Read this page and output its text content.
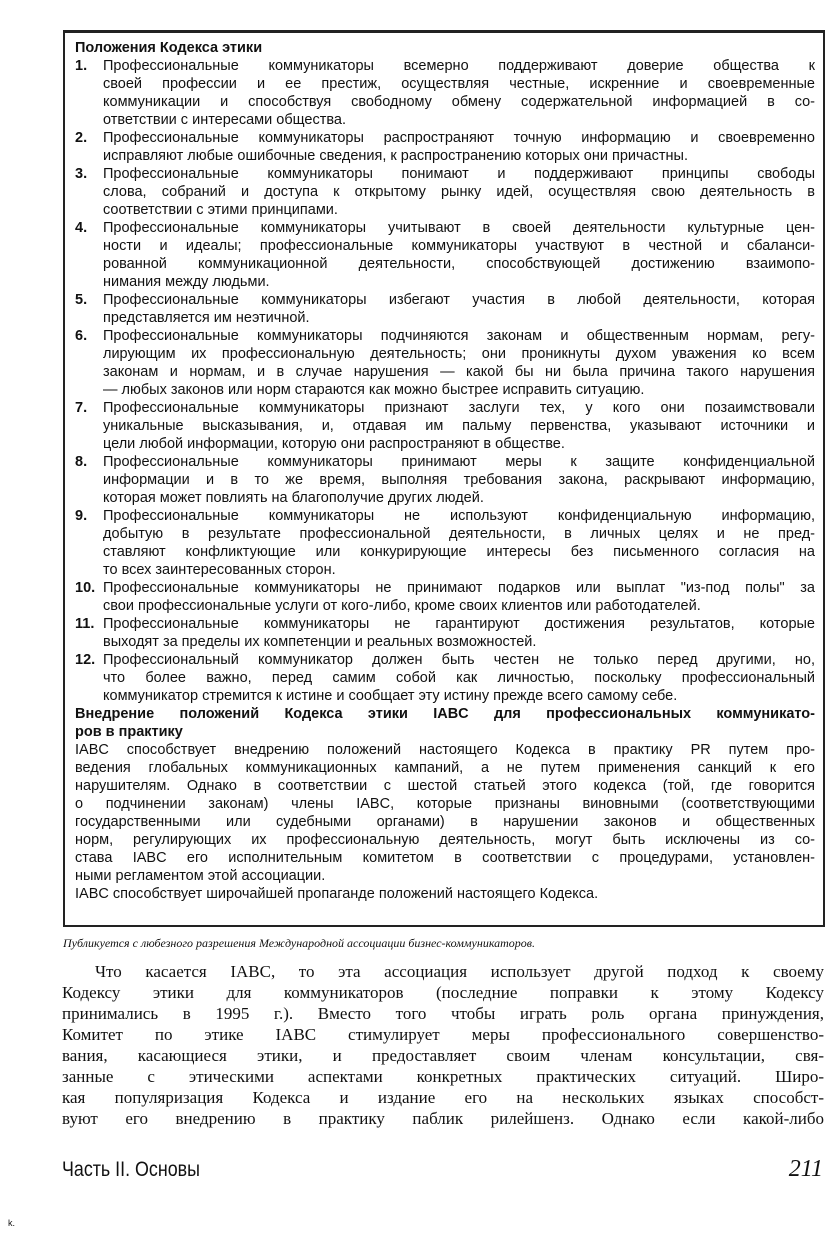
Положения Кодекса этики
1.	Профессиональные коммуникаторы всемерно поддерживают доверие общества к
своей профессии и ее престиж, осуществляя честные, искренние и своевременные
коммуникации и способствуя свободному обмену содержательной информацией в со-
ответствии с интересами общества.
2.	Профессиональные коммуникаторы распространяют точную информацию и своевременно
исправляют любые ошибочные сведения, к распространению которых они причастны.
3.	Профессиональные коммуникаторы понимают и поддерживают принципы свободы
слова, собраний и доступа к открытому рынку идей, осуществляя свою деятельность в
соответствии с этими принципами.
4.	Профессиональные коммуникаторы учитывают в своей деятельности культурные цен-
ности и идеалы; профессиональные коммуникаторы участвуют в честной и сбаланси-
рованной коммуникационной деятельности, способствующей достижению взаимопо-
нимания между людьми.
5.	Профессиональные коммуникаторы избегают участия в любой деятельности, которая
представляется им неэтичной.
6.	Профессиональные коммуникаторы подчиняются законам и общественным нормам, регу-
лирующим их профессиональную деятельность; они проникнуты духом уважения ко всем
законам и нормам, и в случае нарушения — какой бы ни была причина такого нарушения
— любых законов или норм стараются как можно быстрее исправить ситуацию.
7.	Профессиональные коммуникаторы признают заслуги тех, у кого они позаимствовали
уникальные высказывания, и, отдавая им пальму первенства, указывают источники и
цели любой информации, которую они распространяют в обществе.
8.	Профессиональные коммуникаторы принимают меры к защите конфиденциальной
информации и в то же время, выполняя требования закона, раскрывают информацию,
которая может повлиять на благополучие других людей.
9.	Профессиональные коммуникаторы не используют конфиденциальную информацию,
добытую в результате профессиональной деятельности, в личных целях и не пред-
ставляют конфликтующие или конкурирующие интересы без письменного согласия на
то всех заинтересованных сторон.
10. Профессиональные коммуникаторы не принимают подарков или выплат "из-под полы" за
свои профессиональные услуги от кого-либо, кроме своих клиентов или работодателей.
11. Профессиональные коммуникаторы не гарантируют достижения результатов, которые
выходят за пределы их компетенции и реальных возможностей.
12. Профессиональный коммуникатор должен быть честен не только перед другими, но,
что более важно, перед самим собой как личностью, поскольку профессиональный
коммуникатор стремится к истине и сообщает эту истину прежде всего самому себе.
Внедрение положений Кодекса этики IABC для профессиональных коммуникато-
ров в практику
IABC способствует внедрению положений настоящего Кодекса в практику PR путем про-
ведения глобальных коммуникационных кампаний, а не путем применения санкций к его
нарушителям. Однако в соответствии с шестой статьей этого кодекса (той, где говорится
о подчинении законам) члены IABC, которые признаны виновными (соответствующими
государственными или судебными органами) в нарушении законов и общественных
норм, регулирующих их профессиональную деятельность, могут быть исключены из со-
става IABC его исполнительным комитетом в соответствии с процедурами, установлен-
ными регламентом этой ассоциации.
IABC способствует широчайшей пропаганде положений настоящего Кодекса.
Публикуется с любезного разрешения Международной ассоциации бизнес-коммуникаторов.
Что касается IABC, то эта ассоциация использует другой подход к своему
Кодексу этики для коммуникаторов (последние поправки к этому Кодексу
принимались в 1995 г.). Вместо того чтобы играть роль органа принуждения,
Комитет по этике IABC стимулирует меры профессионального совершенство-
вания, касающиеся этики, и предоставляет своим членам консультации, свя-
занные с этическими аспектами конкретных практических ситуаций. Широ-
кая популяризация Кодекса и издание его на нескольких языках способст-
вуют его внедрению в практику паблик рилейшенз. Однако если какой-либо
Часть II. Основы	211
k.
